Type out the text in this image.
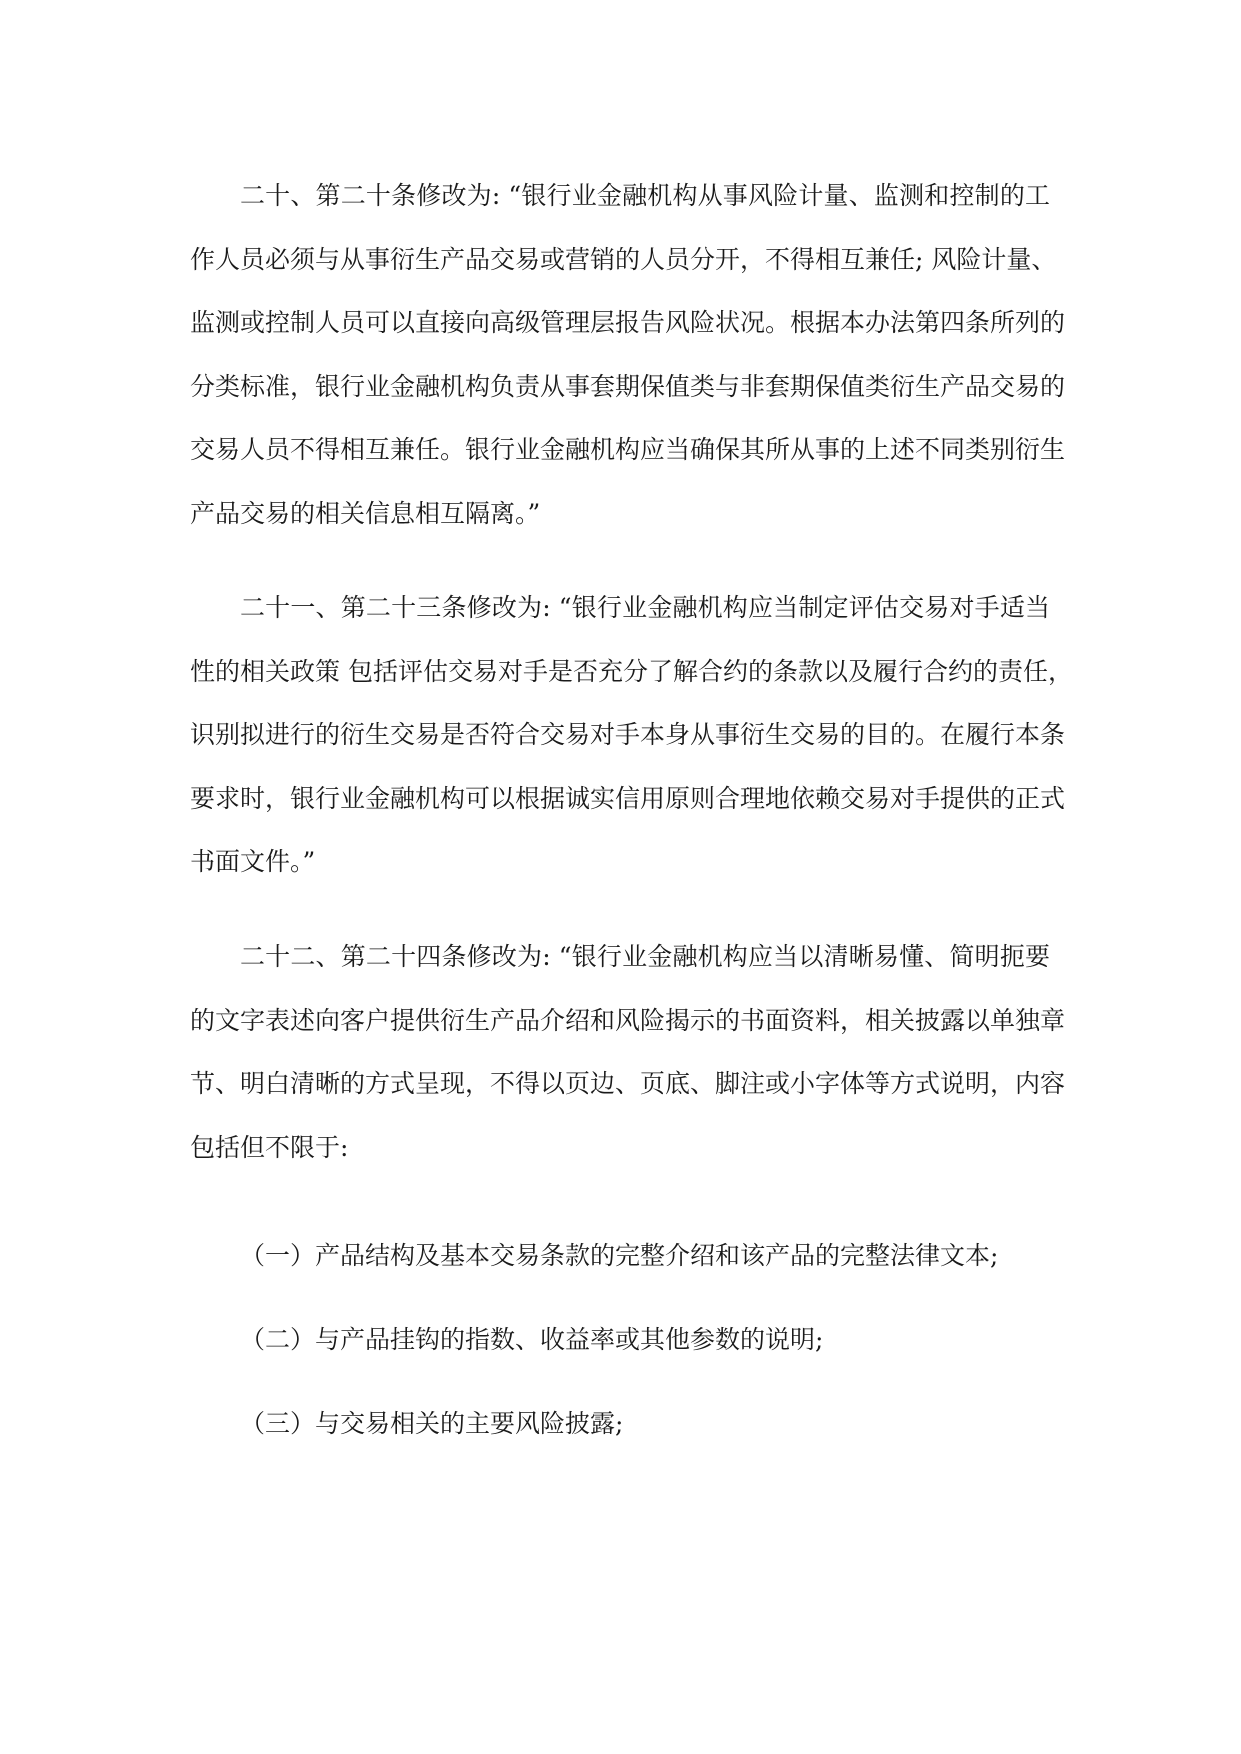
二十、第二十条修改为: “银行业金融机构从事风险计量、监测和控制的工
作人员必须与从事衍生产品交易或营销的人员分开，不得相互兼任; 风险计量、
监测或控制人员可以直接向高级管理层报告风险状况。根据本办法第四条所列的
分类标准，银行业金融机构负责从事套期保值类与非套期保值类衍生产品交易的
交易人员不得相互兼任。银行业金融机构应当确保其所从事的上述不同类别衍生
产品交易的相关信息相互隔离。”
二十一、第二十三条修改为: “银行业金融机构应当制定评估交易对手适当
性的相关政策 包括评估交易对手是否充分了解合约的条款以及履行合约的责任，
识别拟进行的衍生交易是否符合交易对手本身从事衍生交易的目的。在履行本条
要求时，银行业金融机构可以根据诚实信用原则合理地依赖交易对手提供的正式
书面文件。”
二十二、第二十四条修改为: “银行业金融机构应当以清晰易懂、简明扼要
的文字表述向客户提供衍生产品介绍和风险揭示的书面资料，相关披露以单独章
节、明白清晰的方式呈现，不得以页边、页底、脚注或小字体等方式说明，内容
包括但不限于:
（一）产品结构及基本交易条款的完整介绍和该产品的完整法律文本;
（二）与产品挂钩的指数、收益率或其他参数的说明;
（三）与交易相关的主要风险披露;
